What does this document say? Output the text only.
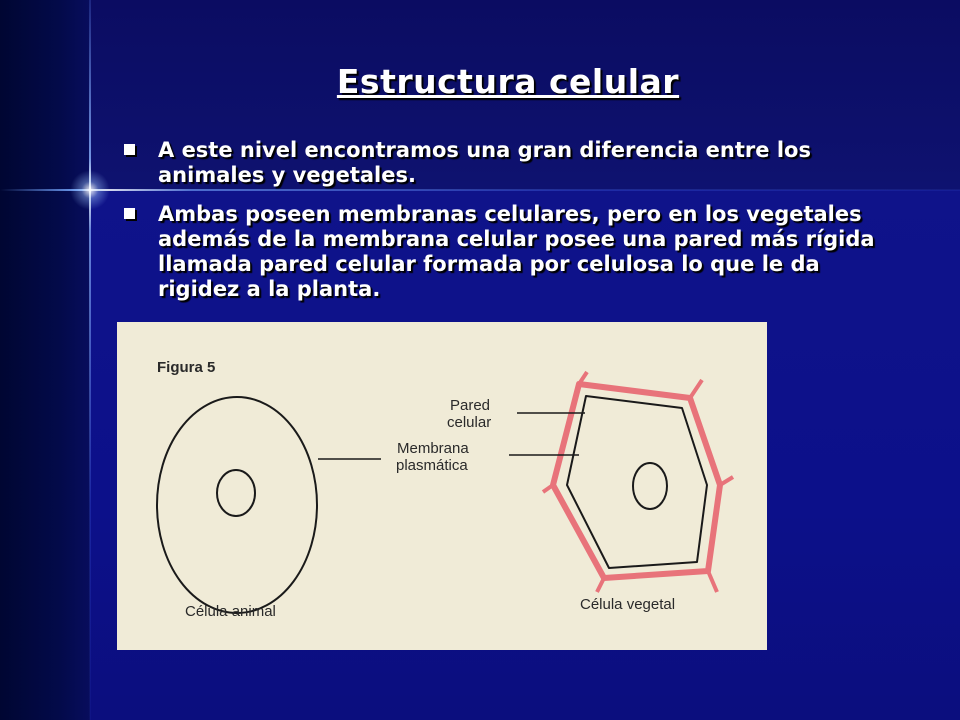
Estructura celular
A este nivel encontramos una gran diferencia entre los animales y vegetales.
Ambas poseen membranas celulares, pero en los vegetales además de la membrana celular posee una pared más rígida llamada pared celular formada por celulosa lo que le da rigidez a la planta.
Figura 5
Pared
celular
Membrana
plasmática
Célula animal	Célula vegetal
